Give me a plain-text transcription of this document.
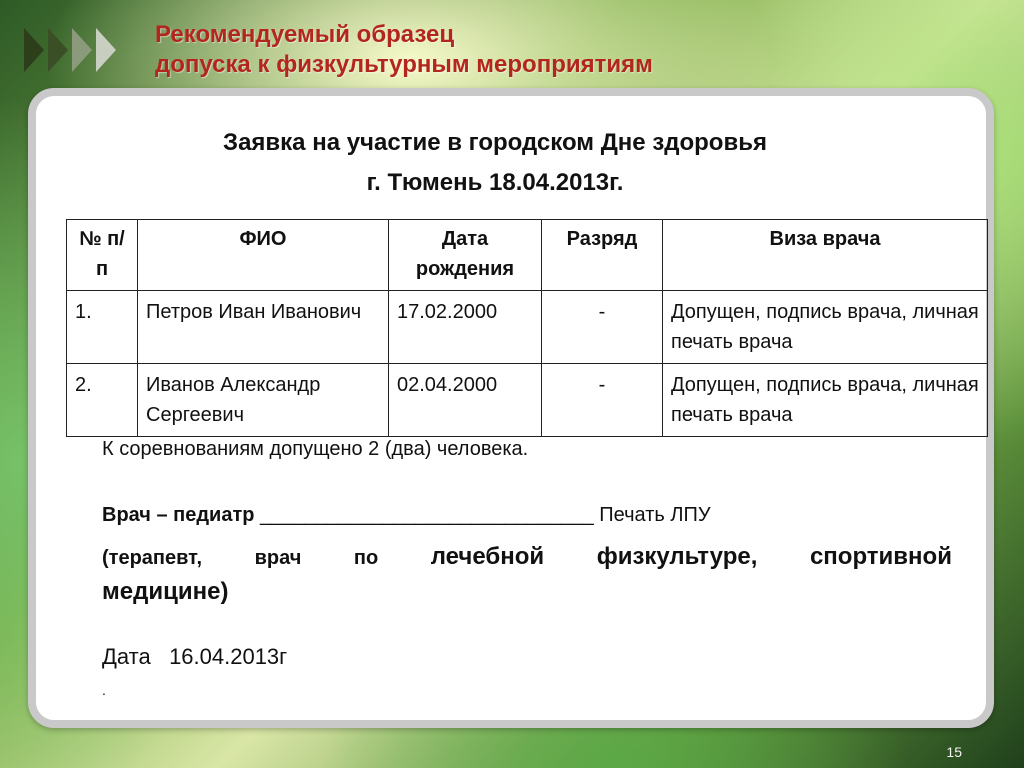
Рекомендуемый образец
допуска к физкультурным мероприятиям
Заявка на участие в городском Дне здоровья
г. Тюмень 18.04.2013г.
№ п/п	ФИО	Дата рождения	Разряд	Виза врача
1.	Петров Иван Иванович	17.02.2000	-	Допущен, подпись врача, личная печать врача
2.	Иванов Александр Сергеевич	02.04.2000	-	Допущен, подпись врача, личная печать врача
К соревнованиям допущено 2 (два) человека.
Врач – педиатр ______________________________ Печать ЛПУ
(терапевт,	врач	по лечебной физкультуре, спортивной
медицине)
Дата 16.04.2013г
.
15
